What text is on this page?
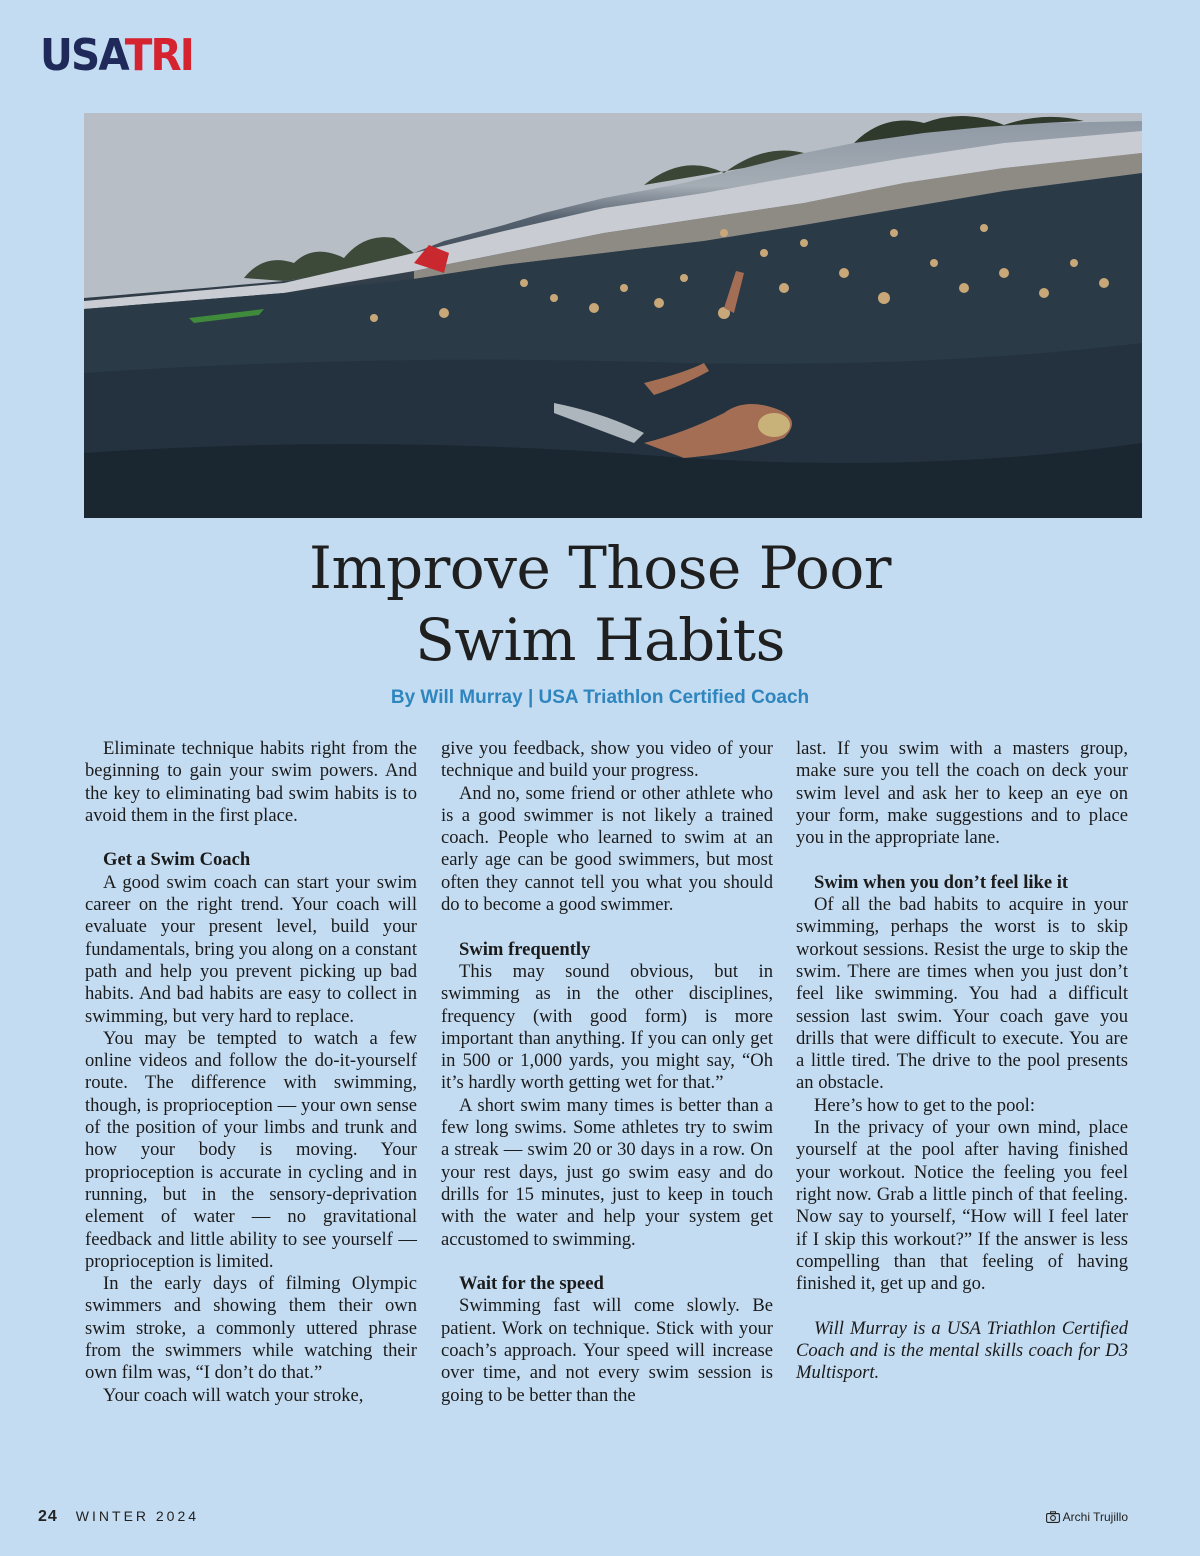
USATRI
Improve Those Poor
Swim Habits
By Will Murray | USA Triathlon Certified Coach

Eliminate technique habits right from the beginning to gain your swim powers. And the key to eliminating bad swim habits is to avoid them in the first place.

Get a Swim Coach

A good swim coach can start your swim career on the right trend. Your coach will evaluate your present level, build your fundamentals, bring you along on a constant path and help you prevent picking up bad habits. And bad habits are easy to collect in swimming, but very hard to replace.

You may be tempted to watch a few online videos and follow the do-it-yourself route. The difference with swimming, though, is proprioception — your own sense of the position of your limbs and trunk and how your body is moving. Your proprioception is accurate in cycling and in running, but in the sensory-deprivation element of water — no gravitational feedback and little ability to see yourself — proprioception is limited.

In the early days of filming Olympic swimmers and showing them their own swim stroke, a commonly uttered phrase from the swimmers while watching their own film was, “I don’t do that.”

Your coach will watch your stroke,

give you feedback, show you video of your technique and build your progress.

And no, some friend or other athlete who is a good swimmer is not likely a trained coach. People who learned to swim at an early age can be good swimmers, but most often they cannot tell you what you should do to become a good swimmer.

Swim frequently

This may sound obvious, but in swimming as in the other disciplines, frequency (with good form) is more important than anything. If you can only get in 500 or 1,000 yards, you might say, “Oh it’s hardly worth getting wet for that.”

A short swim many times is better than a few long swims. Some athletes try to swim a streak — swim 20 or 30 days in a row. On your rest days, just go swim easy and do drills for 15 minutes, just to keep in touch with the water and help your system get accustomed to swimming.

Wait for the speed

Swimming fast will come slowly. Be patient. Work on technique. Stick with your coach’s approach. Your speed will increase over time, and not every swim session is going to be better than the

last. If you swim with a masters group, make sure you tell the coach on deck your swim level and ask her to keep an eye on your form, make suggestions and to place you in the appropriate lane.

Swim when you don’t feel like it

Of all the bad habits to acquire in your swimming, perhaps the worst is to skip workout sessions. Resist the urge to skip the swim. There are times when you just don’t feel like swimming. You had a difficult session last swim. Your coach gave you drills that were difficult to execute. You are a little tired. The drive to the pool presents an obstacle.

Here’s how to get to the pool:

In the privacy of your own mind, place yourself at the pool after having finished your workout. Notice the feeling you feel right now. Grab a little pinch of that feeling. Now say to yourself, “How will I feel later if I skip this workout?” If the answer is less compelling than that feeling of having finished it, get up and go.

Will Murray is a USA Triathlon Certified Coach and is the mental skills coach for D3 Multisport.

24 WINTER 2024	Archi Trujillo
